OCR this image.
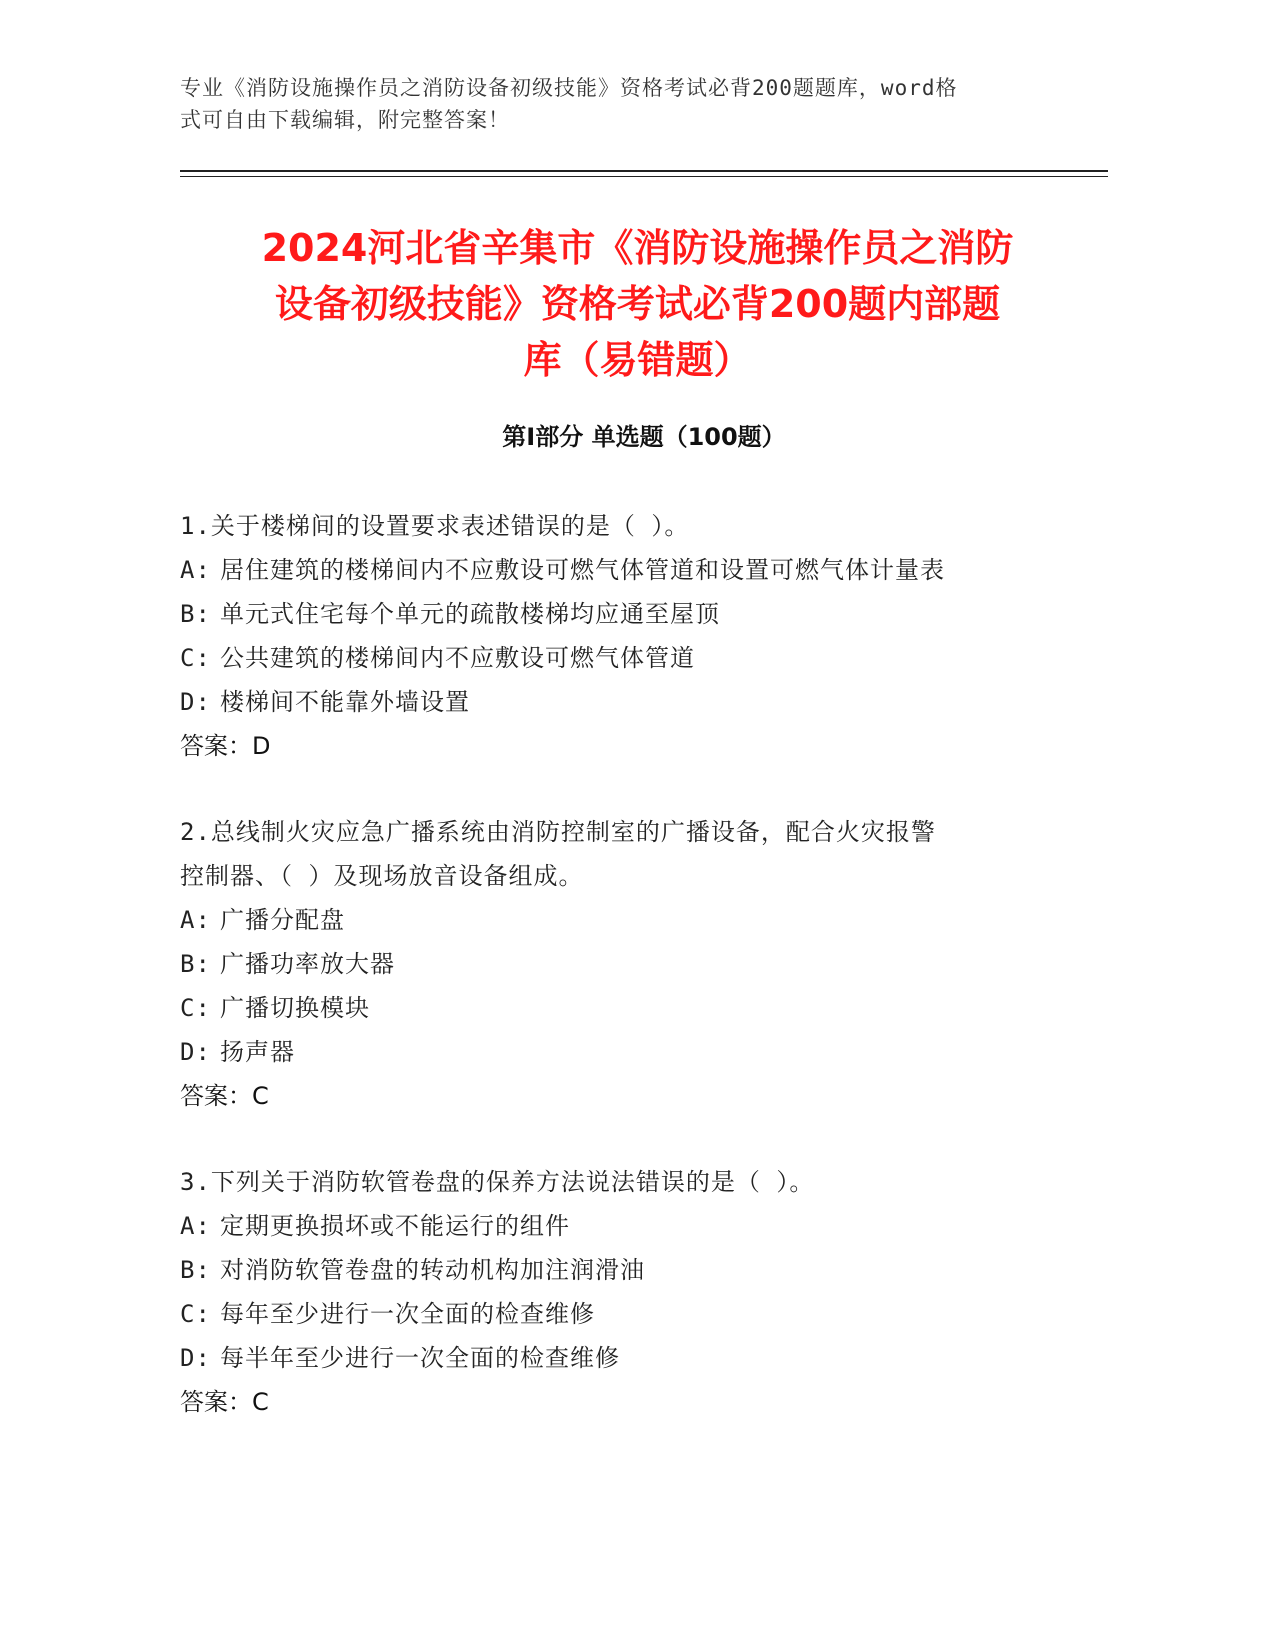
专业《消防设施操作员之消防设备初级技能》资格考试必背200题题库，word格
式可自由下载编辑，附完整答案！
2024河北省辛集市《消防设施操作员之消防
设备初级技能》资格考试必背200题内部题
库（易错题）
第Ⅰ部分 单选题（100题）
1.关于楼梯间的设置要求表述错误的是（ ）。
A: 居住建筑的楼梯间内不应敷设可燃气体管道和设置可燃气体计量表
B: 单元式住宅每个单元的疏散楼梯均应通至屋顶
C: 公共建筑的楼梯间内不应敷设可燃气体管道
D: 楼梯间不能靠外墙设置
答案：D
2.总线制火灾应急广播系统由消防控制室的广播设备，配合火灾报警
控制器、（ ）及现场放音设备组成。
A: 广播分配盘
B: 广播功率放大器
C: 广播切换模块
D: 扬声器
答案：C
3.下列关于消防软管卷盘的保养方法说法错误的是（ ）。
A: 定期更换损坏或不能运行的组件
B: 对消防软管卷盘的转动机构加注润滑油
C: 每年至少进行一次全面的检查维修
D: 每半年至少进行一次全面的检查维修
答案：C
